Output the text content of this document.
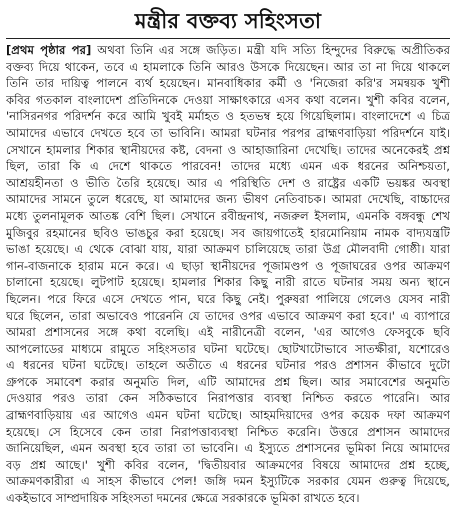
মন্ত্রীর বক্তব্য সহিংসতা
[প্রথম পৃষ্ঠার পর] অথবা তিনি এর সঙ্গে জড়িত। মন্ত্রী যদি সত্যি হিন্দুদের বিরুদ্ধে অপ্রীতিকর
বক্তব্য দিয়ে থাকেন, তবে এ হামলাকে তিনি আরও উসকে দিয়েছেন। আর তা না দিয়ে থাকলে
তিনি তার দায়িত্ব পালনে ব্যর্থ হয়েছেন। মানবাধিকার কর্মী ও 'নিজেরা করি'র সমন্বয়ক খুশী
কবির গতকাল বাংলাদেশ প্রতিদিনকে দেওয়া সাক্ষাৎকারে এসব কথা বলেন। খুশী কবির বলেন,
'নাসিরনগর পরিদর্শন করে আমি খুবই মর্মাহত ও হতভম্ব হয়ে গিয়েছিলাম। বাংলাদেশে এ চিত্র
আমাদের এভাবে দেখতে হবে তা ভাবিনি। আমরা ঘটনার পরপর ব্রাহ্মণবাড়িয়া পরিদর্শনে যাই।
সেখানে হামলার শিকার স্থানীয়দের কষ্ট, বেদনা ও আহাজারিনা দেখেছি। তাদের অনেকেরই প্রশ্ন
ছিল, তারা কি এ দেশে থাকতে পারবেন! তাদের মধ্যে এমন এক ধরনের অনিশ্চয়তা,
আশ্রয়হীনতা ও ভীতি তৈরি হয়েছে। আর এ পরিস্থিতি দেশ ও রাষ্ট্রের একটি ভয়ঙ্কর অবস্থা
আমাদের সামনে তুলে ধরেছে, যা আমাদের জন্য ভীষণ নেতিবাচক। আমরা দেখেছি, বাচ্চাদের
মধ্যে তুলনামূলক আতঙ্ক বেশি ছিল। সেখানে রবীন্দ্রনাথ, নজরুল ইসলাম, এমনকি বঙ্গবন্ধু শেখ
মুজিবুর রহমানের ছবিও ভাঙচুর করা হয়েছে। সব জায়গাতেই হারমোনিয়াম নামক বাদ্যযন্ত্রটি
ভাঙা হয়েছে। এ থেকে বোঝা যায়, যারা আক্রমণ চালিয়েছে তারা উগ্র মৌলবাদী গোষ্ঠী। যারা
গান-বাজনাকে হারাম মনে করে। এ ছাড়া স্থানীয়দের পূজামণ্ডপ ও পূজাঘরের ওপর আক্রমণ
চালানো হয়েছে। লুটপাট হয়েছে। হামলার শিকার কিছু নারী রাতে ঘটনার সময় অন্য স্থানে
ছিলেন। পরে ফিরে এসে দেখতে পান, ঘরে কিছু নেই। পুরুষরা পালিয়ে গেলেও যেসব নারী
ঘরে ছিলেন, তারা অভাবেও পারেননি যে তাদের ওপর এভাবে আক্রমণ করা হবে।' এ ব্যাপারে
আমরা প্রশাসনের সঙ্গে কথা বলেছি। এই নারীনেত্রী বলেন, 'এর আগেও ফেসবুকে ছবি
আপলোডের মাধ্যমে রামুতে সহিংসতার ঘটনা ঘটেছে। ছোটখাটোভাবে সাতক্ষীরা, যশোরেও
এ ধরনের ঘটনা ঘটেছে। তাহলে অতীতে এ ধরনের ঘটনার পরও প্রশাসন কীভাবে দুটো
গ্রুপকে সমাবেশ করার অনুমতি দিল, এটি আমাদের প্রশ্ন ছিল। আর সমাবেশের অনুমতি
দেওয়ার পরও তারা কেন সঠিকভাবে নিরাপত্তার ব্যবস্থা নিশ্চিত করতে পারেনি। আর
ব্রাহ্মণবাড়িয়ায় এর আগেও এমন ঘটনা ঘটেছে। আহমদিয়াদের ওপর কয়েক দফা আক্রমণ
হয়েছে। সে হিসেবে কেন তারা নিরাপত্তাব্যবস্থা নিশ্চিত করেনি। উত্তরে প্রশাসন আমাদের
জানিয়েছিল, এমন অবস্থা হবে তারা তা ভাবেনি। এ ইস্যুতে প্রশাসনের ভূমিকা নিয়ে আমাদের
বড় প্রশ্ন আছে।' খুশী কবির বলেন, 'দ্বিতীয়বার আক্রমণের বিষয়ে আমাদের প্রশ্ন হচ্ছে,
আক্রমণকারীরা এ সাহস কীভাবে পেল! জঙ্গি দমন ইস্যুটিকে সরকার যেমন গুরুত্ব দিয়েছে,
একইভাবে সাম্প্রদায়িক সহিংসতা দমনের ক্ষেত্রে সরকারকে ভূমিকা রাখতে হবে।
